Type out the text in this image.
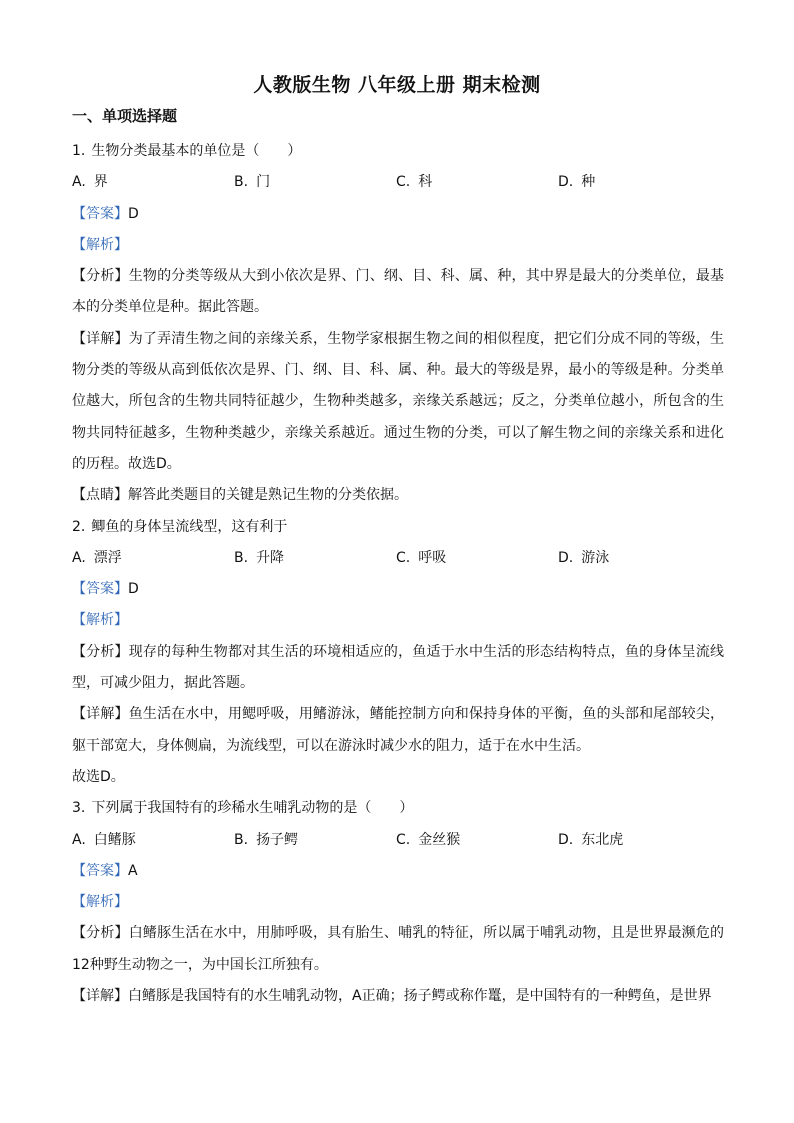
人教版生物 八年级上册 期末检测
一、单项选择题
1. 生物分类最基本的单位是（　　）
A. 界	B. 门	C. 科	D. 种
【答案】D
【解析】
【分析】生物的分类等级从大到小依次是界、门、纲、目、科、属、种，其中界是最大的分类单位，最基本的分类单位是种。据此答题。
【详解】为了弄清生物之间的亲缘关系，生物学家根据生物之间的相似程度，把它们分成不同的等级，生物分类的等级从高到低依次是界、门、纲、目、科、属、种。最大的等级是界，最小的等级是种。分类单位越大，所包含的生物共同特征越少，生物种类越多，亲缘关系越远；反之，分类单位越小，所包含的生物共同特征越多，生物种类越少，亲缘关系越近。通过生物的分类，可以了解生物之间的亲缘关系和进化的历程。故选D。
【点睛】解答此类题目的关键是熟记生物的分类依据。
2. 鲫鱼的身体呈流线型，这有利于
A. 漂浮	B. 升降	C. 呼吸	D. 游泳
【答案】D
【解析】
【分析】现存的每种生物都对其生活的环境相适应的，鱼适于水中生活的形态结构特点，鱼的身体呈流线型，可减少阻力，据此答题。
【详解】鱼生活在水中，用鳃呼吸，用鳍游泳，鳍能控制方向和保持身体的平衡，鱼的头部和尾部较尖，躯干部宽大，身体侧扁，为流线型，可以在游泳时减少水的阻力，适于在水中生活。
故选D。
3. 下列属于我国特有的珍稀水生哺乳动物的是（　　）
A. 白鳍豚	B. 扬子鳄	C. 金丝猴	D. 东北虎
【答案】A
【解析】
【分析】白鳍豚生活在水中，用肺呼吸，具有胎生、哺乳的特征，所以属于哺乳动物，且是世界最濒危的12种野生动物之一，为中国长江所独有。
【详解】白鳍豚是我国特有的水生哺乳动物，A正确；扬子鳄或称作鼍，是中国特有的一种鳄鱼，是世界
